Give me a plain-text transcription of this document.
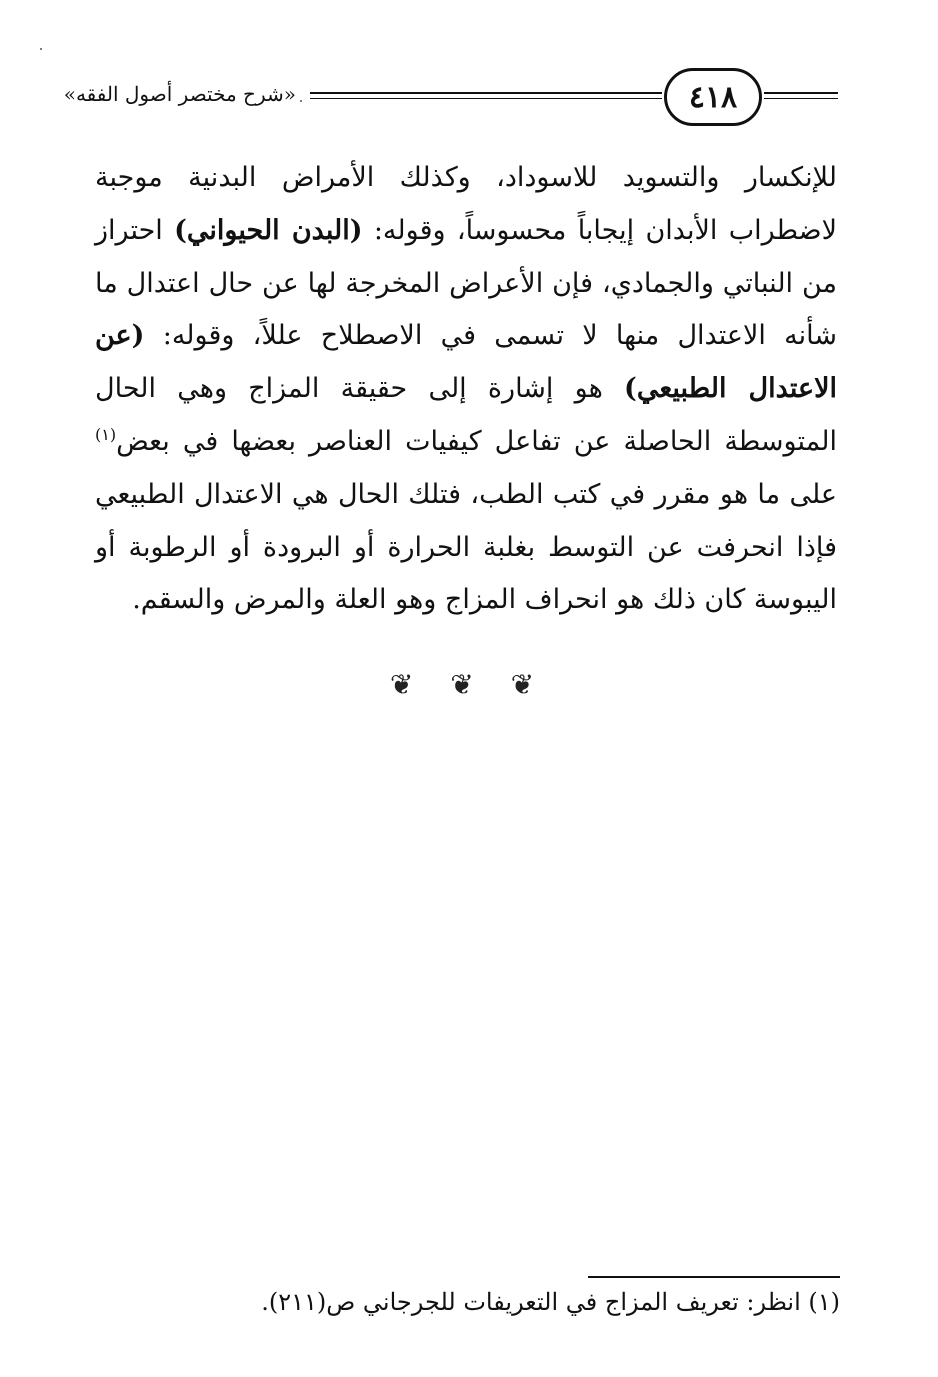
«شرح مختصر أصول الفقه»	٤١٨

للإنكسار والتسويد للاسوداد، وكذلك الأمراض البدنية موجبة لاضطراب الأبدان إيجاباً محسوساً، وقوله: (البدن الحيواني) احتراز من النباتي والجمادي، فإن الأعراض المخرجة لها عن حال اعتدال ما شأنه الاعتدال منها لا تسمى في الاصطلاح عللاً، وقوله: (عن الاعتدال الطبيعي) هو إشارة إلى حقيقة المزاج وهي الحال المتوسطة الحاصلة عن تفاعل كيفيات العناصر بعضها في بعض$^{(١)}$ على ما هو مقرر في كتب الطب، فتلك الحال هي الاعتدال الطبيعي فإذا انحرفت عن التوسط بغلبة الحرارة أو البرودة أو الرطوبة أو اليبوسة كان ذلك هو انحراف المزاج وهو العلة والمرض والسقم.

❦ ❦ ❦
(١) انظر: تعريف المزاج في التعريفات للجرجاني ص(٢١١).
